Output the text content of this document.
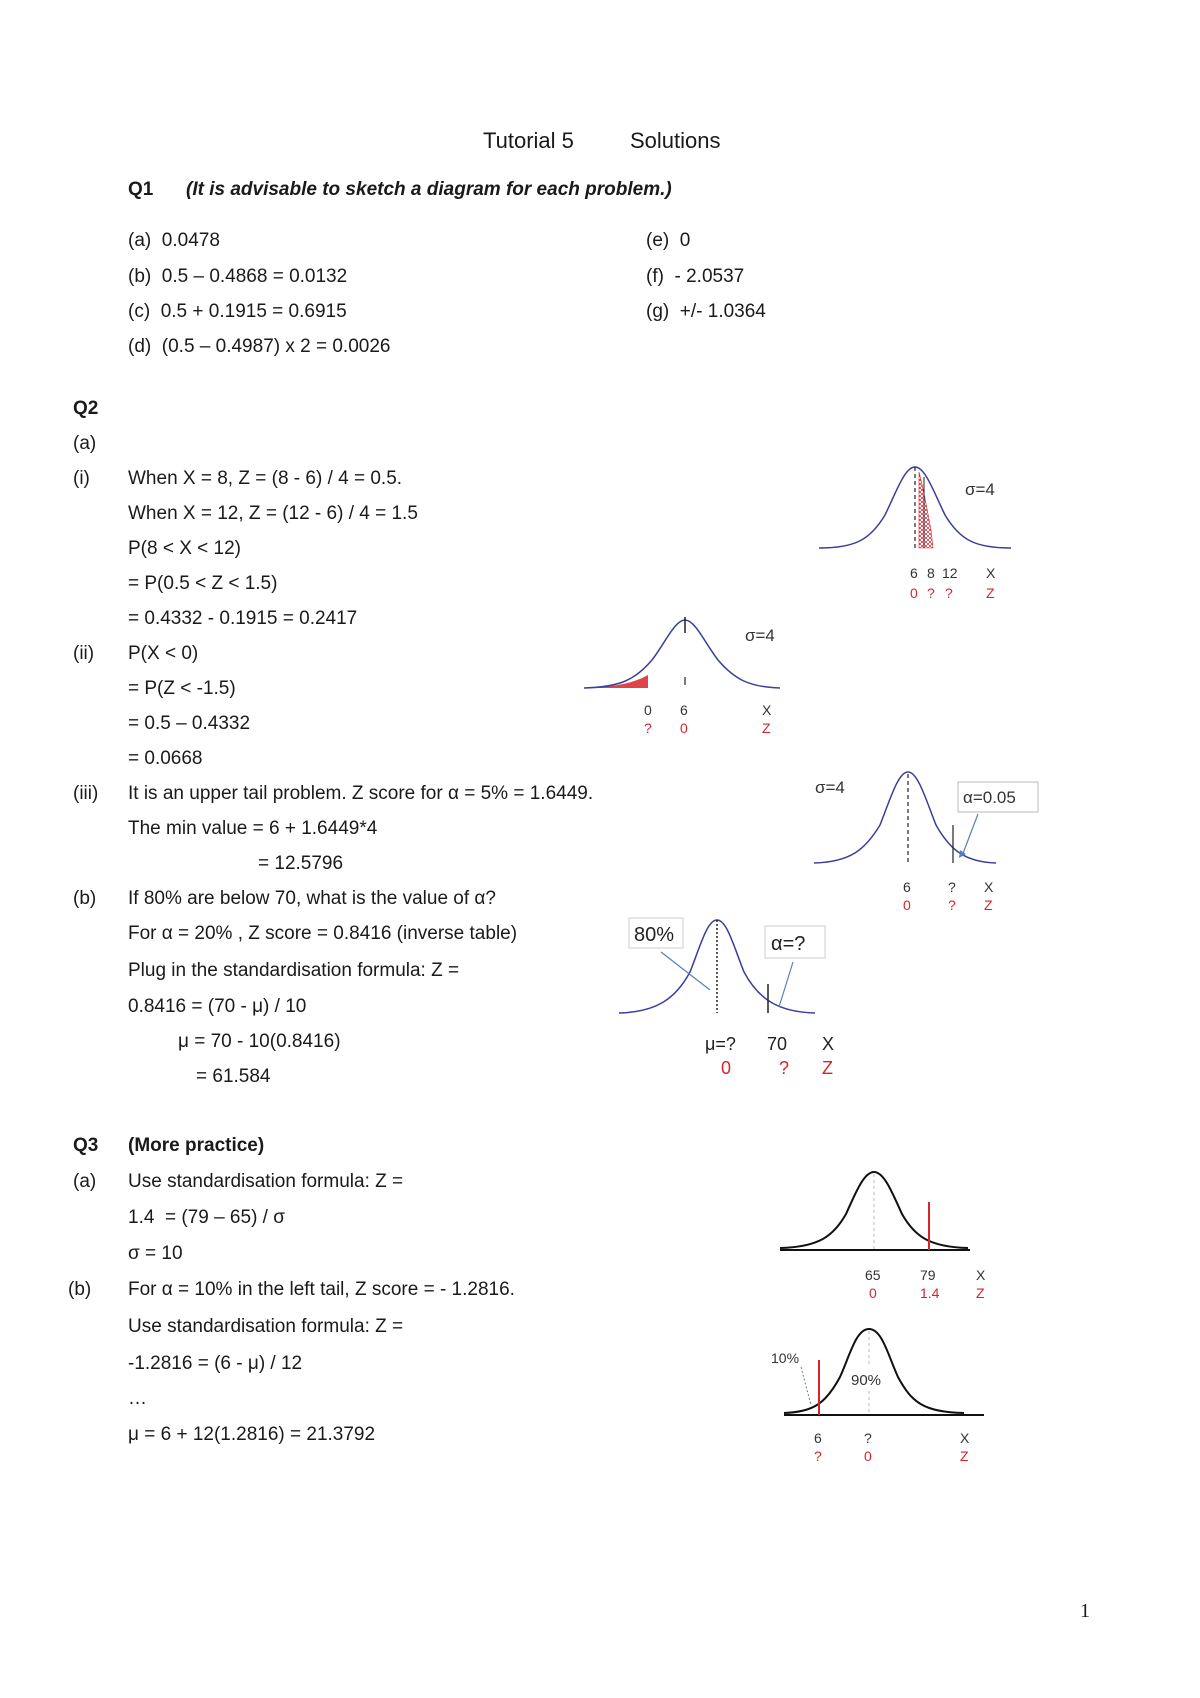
Tutorial 5	Solutions
Q1 (It is advisable to sketch a diagram for each problem.)
(a)  0.0478
(b)  0.5 – 0.4868 = 0.0132
(c)  0.5 + 0.1915 = 0.6915
(d)  (0.5 – 0.4987) x 2 = 0.0026
(e)  0
(f)  - 2.0537
(g)  +/- 1.0364
Q2
(a)
(i) When X = 8, Z = (8 - 6) / 4 = 0.5.
When X = 12, Z = (12 - 6) / 4 = 1.5
P(8 < X < 12)
= P(0.5 < Z < 1.5)
= 0.4332 - 0.1915 = 0.2417
(ii) P(X < 0)
= P(Z < -1.5)
= 0.5 – 0.4332
= 0.0668
(iii) It is an upper tail problem. Z score for α = 5% = 1.6449.
The min value = 6 + 1.6449*4
= 12.5796
(b) If 80% are below 70, what is the value of α?
For α = 20% , Z score = 0.8416 (inverse table)
Plug in the standardisation formula: Z =
0.8416 = (70 - μ) / 10
μ = 70 - 10(0.8416)
= 61.584
Q3 (More practice)
(a) Use standardisation formula: Z =
1.4  = (79 – 65) / σ
σ = 10
(b) For α = 10% in the left tail, Z score = - 1.2816.
Use standardisation formula: Z =
-1.2816 = (6 - μ) / 12
…
μ = 6 + 12(1.2816) = 21.3792
1
σ=4
6 8 12 X
0 ? ? Z
σ=4
0 6	X
? 0	Z
α=0.05
σ=4
6	? X
0	? Z
80%	α=?
μ=? 70 X
0	? Z
65	79	X
0	1.4	Z
10%
90%
6	?	X
?	0	Z
